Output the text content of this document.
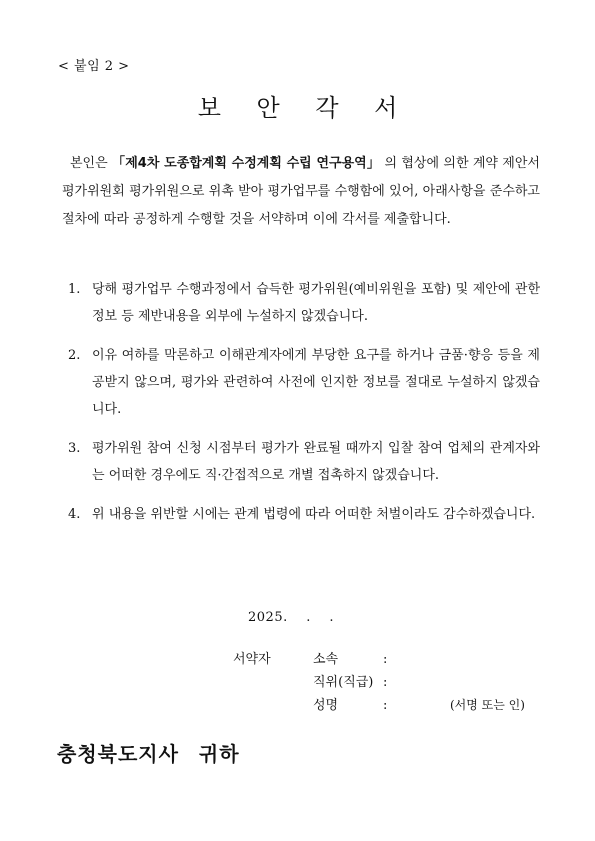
< 붙임 2 >
보 안 각 서
본인은 「제4차 도종합계획 수정계획 수립 연구용역」 의 협상에 의한 계약 제안서 평가위원회 평가위원으로 위촉 받아 평가업무를 수행함에 있어, 아래사항을 준수하고 절차에 따라 공정하게 수행할 것을 서약하며 이에 각서를 제출합니다.
1. 당해 평가업무 수행과정에서 습득한 평가위원(예비위원을 포함) 및 제안에 관한 정보 등 제반내용을 외부에 누설하지 않겠습니다.
2. 이유 여하를 막론하고 이해관계자에게 부당한 요구를 하거나 금품·향응 등을 제공받지 않으며, 평가와 관련하여 사전에 인지한 정보를 절대로 누설하지 않겠습니다.
3. 평가위원 참여 신청 시점부터 평가가 완료될 때까지 입찰 참여 업체의 관계자와는 어떠한 경우에도 직·간접적으로 개별 접촉하지 않겠습니다.
4. 위 내용을 위반할 시에는 관계 법령에 따라 어떠한 처벌이라도 감수하겠습니다.
2025.    .    .
서약자	소속	:
직위(직급) :
성명	:	(서명 또는 인)
충청북도지사 귀하
